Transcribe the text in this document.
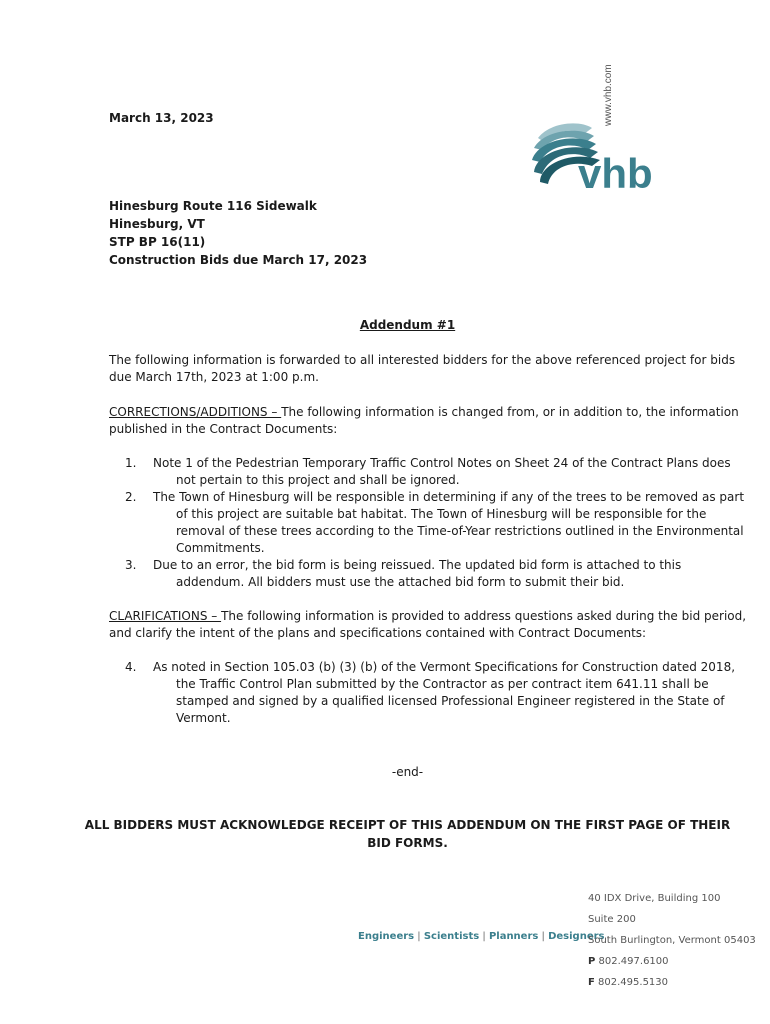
www.vhb.com
vhb
March 13, 2023
Hinesburg Route 116 Sidewalk
Hinesburg, VT
STP BP 16(11)
Construction Bids due March 17, 2023
Addendum #1
The following information is forwarded to all interested bidders for the above referenced project for bids
due March 17th, 2023 at 1:00 p.m.
CORRECTIONS/ADDITIONS – The following information is changed from, or in addition to, the information
published in the Contract Documents:
1. Note 1 of the Pedestrian Temporary Traffic Control Notes on Sheet 24 of the Contract Plans does
not pertain to this project and shall be ignored.
2. The Town of Hinesburg will be responsible in determining if any of the trees to be removed as part
of this project are suitable bat habitat. The Town of Hinesburg will be responsible for the
removal of these trees according to the Time-of-Year restrictions outlined in the Environmental
Commitments.
3. Due to an error, the bid form is being reissued. The updated bid form is attached to this
addendum. All bidders must use the attached bid form to submit their bid.
CLARIFICATIONS – The following information is provided to address questions asked during the bid period,
and clarify the intent of the plans and specifications contained with Contract Documents:
4. As noted in Section 105.03 (b) (3) (b) of the Vermont Specifications for Construction dated 2018,
the Traffic Control Plan submitted by the Contractor as per contract item 641.11 shall be
stamped and signed by a qualified licensed Professional Engineer registered in the State of
Vermont.
-end-
ALL BIDDERS MUST ACKNOWLEDGE RECEIPT OF THIS ADDENDUM ON THE FIRST PAGE OF THEIR
BID FORMS.
Engineers | Scientists | Planners | Designers
40 IDX Drive, Building 100
Suite 200
South Burlington, Vermont 05403
P 802.497.6100
F 802.495.5130
